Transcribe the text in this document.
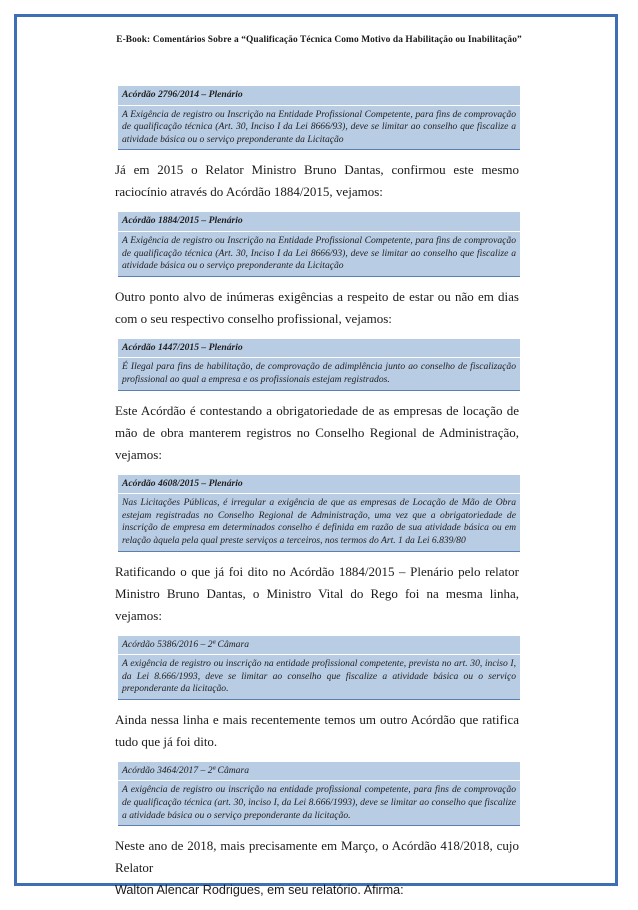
E-Book: Comentários Sobre a “Qualificação Técnica Como Motivo da Habilitação ou Inabilitação”
Acórdão 2796/2014 – Plenário
A Exigência de registro ou Inscrição na Entidade Profissional Competente, para fins de comprovação de qualificação técnica (Art. 30, Inciso I da Lei 8666/93), deve se limitar ao conselho que fiscalize a atividade básica ou o serviço preponderante da Licitação

Já em 2015 o Relator Ministro Bruno Dantas, confirmou este mesmo raciocínio através do Acórdão 1884/2015, vejamos:

Acórdão 1884/2015 – Plenário
A Exigência de registro ou Inscrição na Entidade Profissional Competente, para fins de comprovação de qualificação técnica (Art. 30, Inciso I da Lei 8666/93), deve se limitar ao conselho que fiscalize a atividade básica ou o serviço preponderante da Licitação

Outro ponto alvo de inúmeras exigências a respeito de estar ou não em dias com o seu respectivo conselho profissional, vejamos:

Acórdão 1447/2015 – Plenário
É Ilegal para fins de habilitação, de comprovação de adimplência junto ao conselho de fiscalização profissional ao qual a empresa e os profissionais estejam registrados.

Este Acórdão é contestando a obrigatoriedade de as empresas de locação de mão de obra manterem registros no Conselho Regional de Administração, vejamos:

Acórdão 4608/2015 – Plenário
Nas Licitações Públicas, é irregular a exigência de que as empresas de Locação de Mão de Obra estejam registradas no Conselho Regional de Administração, uma vez que a obrigatoriedade de inscrição de empresa em determinados conselho é definida em razão de sua atividade básica ou em relação àquela pela qual preste serviços a terceiros, nos termos do Art. 1 da Lei 6.839/80

Ratificando o que já foi dito no Acórdão 1884/2015 – Plenário pelo relator Ministro Bruno Dantas, o Ministro Vital do Rego foi na mesma linha, vejamos:

Acórdão 5386/2016 – 2ª Câmara
A exigência de registro ou inscrição na entidade profissional competente, prevista no art. 30, inciso I, da Lei 8.666/1993, deve se limitar ao conselho que fiscalize a atividade básica ou o serviço preponderante da licitação.

Ainda nessa linha e mais recentemente temos um outro Acórdão que ratifica tudo que já foi dito.

Acórdão 3464/2017 – 2ª Câmara
A exigência de registro ou inscrição na entidade profissional competente, para fins de comprovação de qualificação técnica (art. 30, inciso I, da Lei 8.666/1993), deve se limitar ao conselho que fiscalize a atividade básica ou o serviço preponderante da licitação.

Neste ano de 2018, mais precisamente em Março, o Acórdão 418/2018, cujo Relator

Walton Alencar Rodrigues, em seu relatório. Afirma:
